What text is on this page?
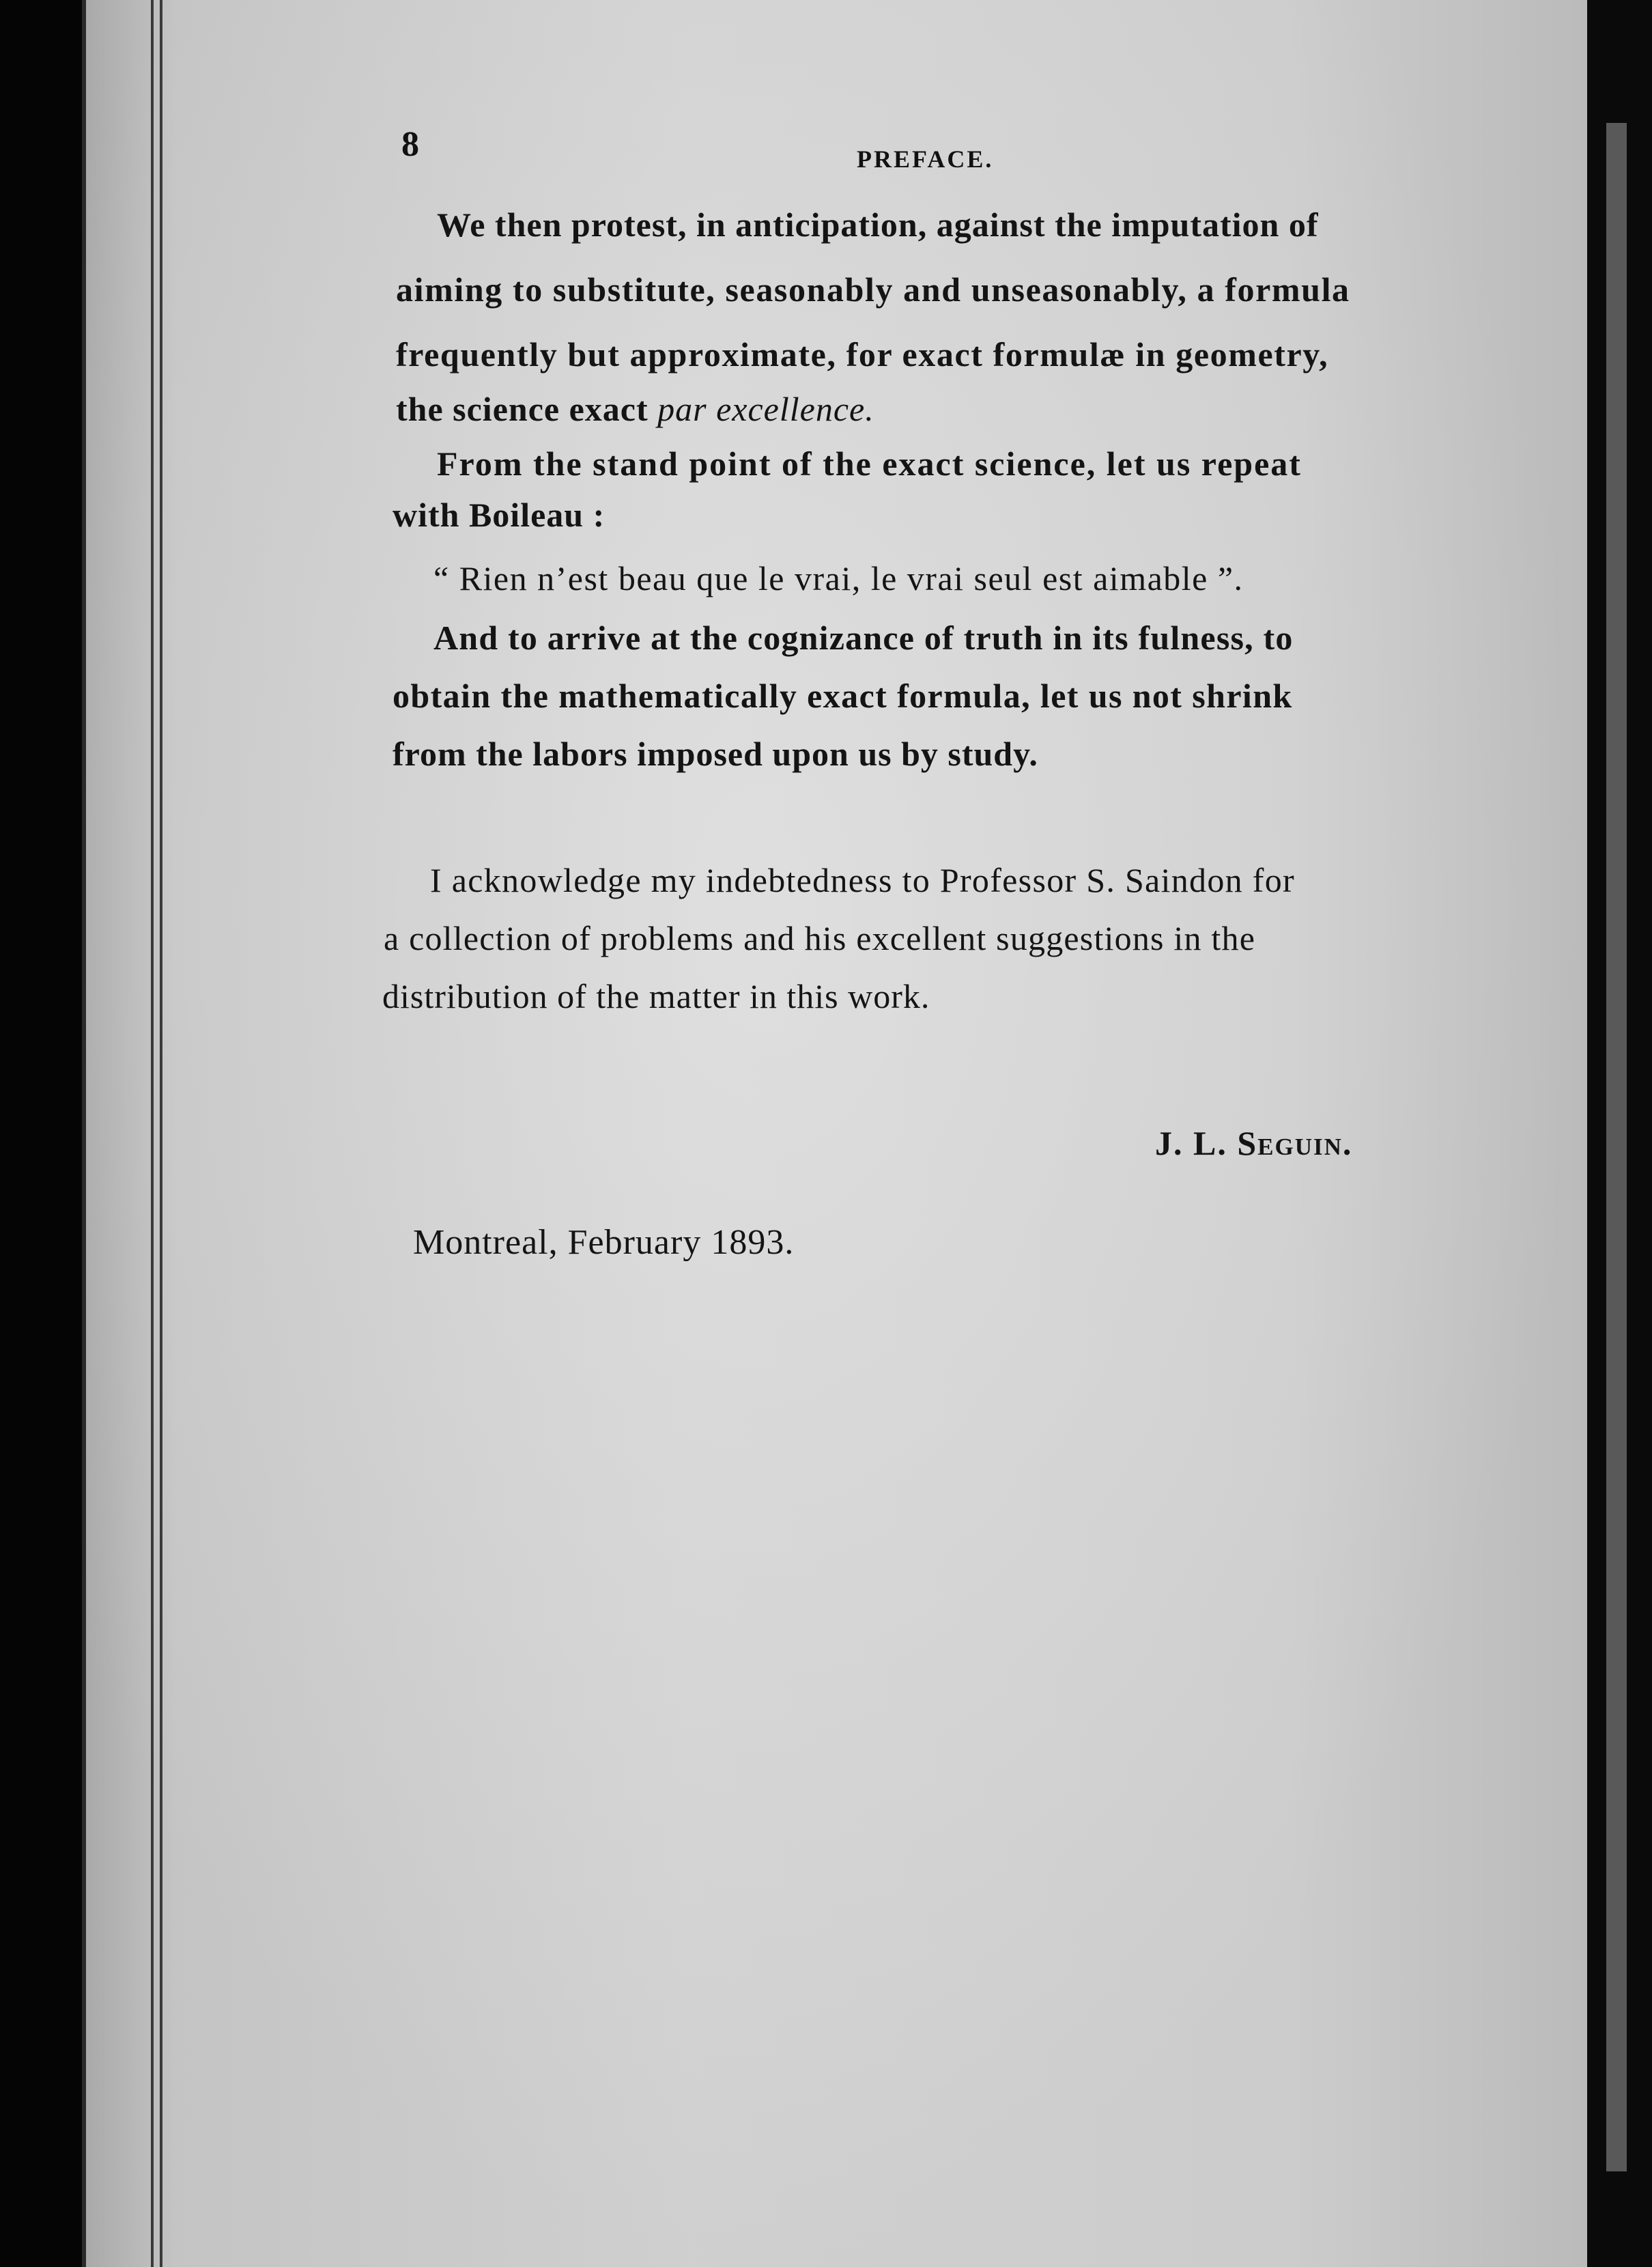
8	PREFACE.
We then protest, in anticipation, against the imputation of
aiming to substitute, seasonably and unseasonably, a formula
frequently but approximate, for exact formulæ in geometry,
the science exact par excellence.
From the stand point of the exact science, let us repeat
with Boileau :
“ Rien n’est beau que le vrai, le vrai seul est aimable ”.
And to arrive at the cognizance of truth in its fulness, to
obtain the mathematically exact formula, let us not shrink
from the labors imposed upon us by study.
I acknowledge my indebtedness to Professor S. Saindon for
a collection of problems and his excellent suggestions in the
distribution of the matter in this work.
J. L. Seguin.
Montreal, February 1893.
